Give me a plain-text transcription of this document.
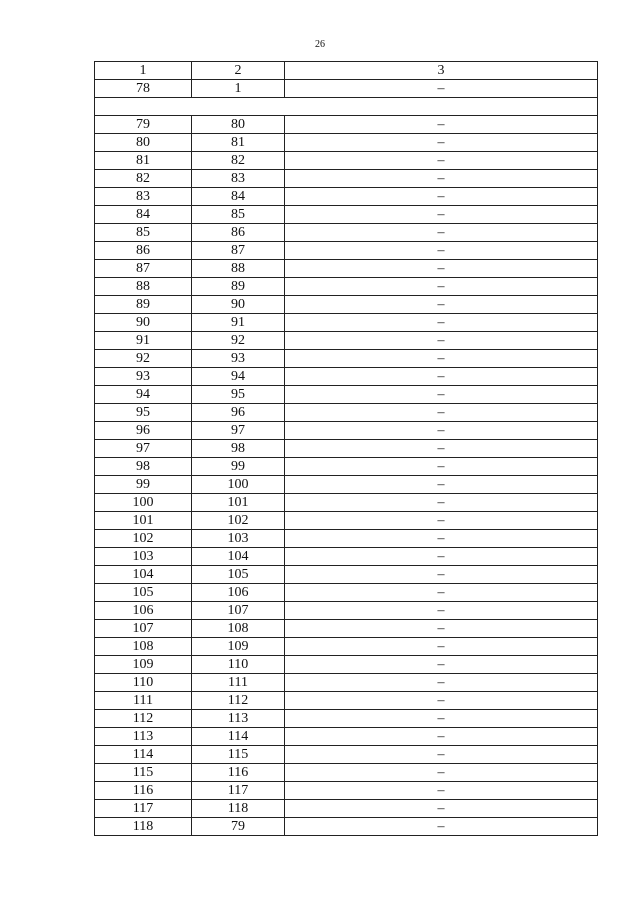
26
1	2	3
78	1	–

79	80	–
80	81	–
81	82	–
82	83	–
83	84	–
84	85	–
85	86	–
86	87	–
87	88	–
88	89	–
89	90	–
90	91	–
91	92	–
92	93	–
93	94	–
94	95	–
95	96	–
96	97	–
97	98	–
98	99	–
99	100	–
100	101	–
101	102	–
102	103	–
103	104	–
104	105	–
105	106	–
106	107	–
107	108	–
108	109	–
109	110	–
110	111	–
111	112	–
112	113	–
113	114	–
114	115	–
115	116	–
116	117	–
117	118	–
118	79	–
